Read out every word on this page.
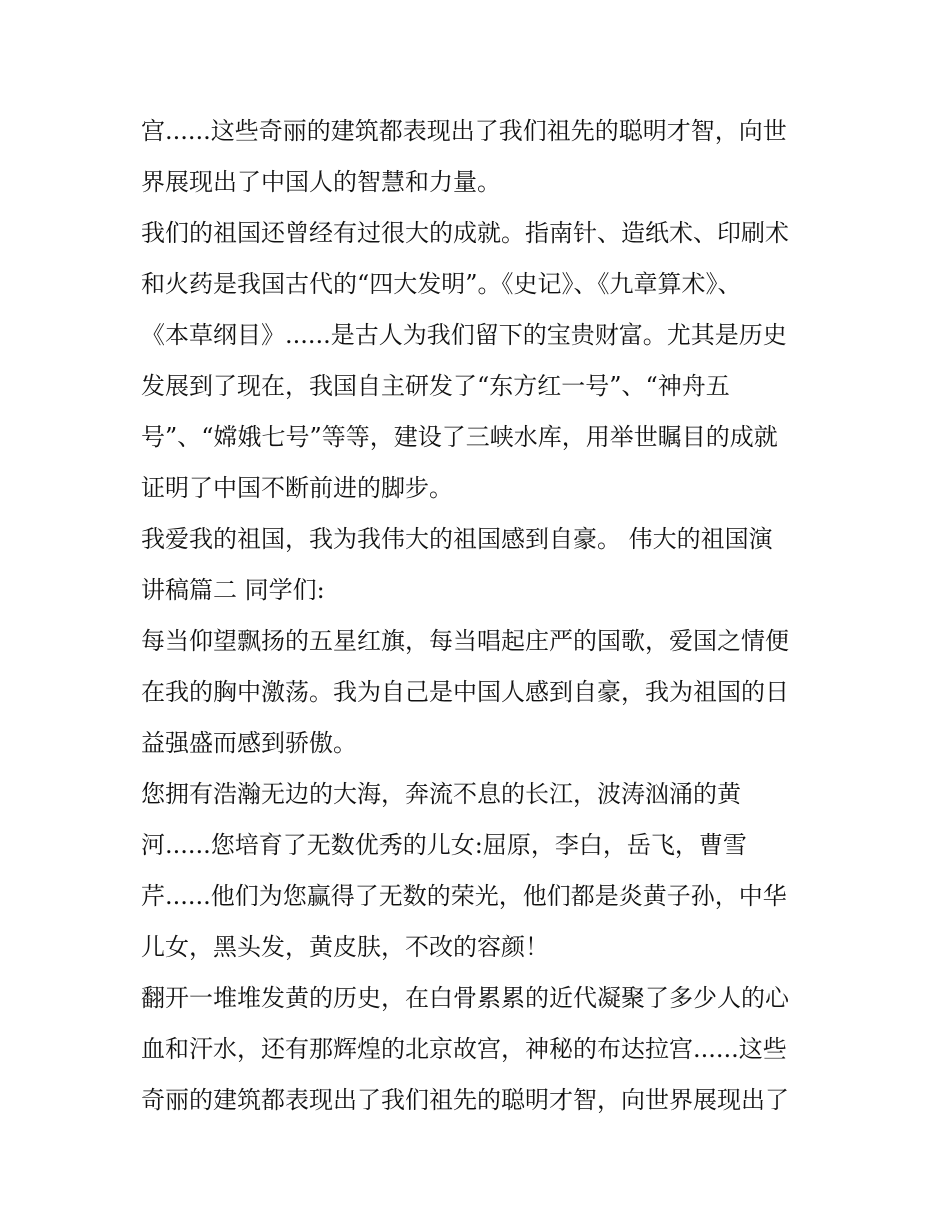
宫......这些奇丽的建筑都表现出了我们祖先的聪明才智，向世
界展现出了中国人的智慧和力量。
我们的祖国还曾经有过很大的成就。指南针、造纸术、印刷术
和火药是我国古代的“四大发明”。《史记》、《九章算术》、
《本草纲目》......是古人为我们留下的宝贵财富。尤其是历史
发展到了现在，我国自主研发了“东方红一号”、“神舟五
号”、“嫦娥七号”等等，建设了三峡水库，用举世瞩目的成就
证明了中国不断前进的脚步。
我爱我的祖国，我为我伟大的祖国感到自豪。 伟大的祖国演
讲稿篇二 同学们:
每当仰望飘扬的五星红旗，每当唱起庄严的国歌，爱国之情便
在我的胸中激荡。我为自己是中国人感到自豪，我为祖国的日
益强盛而感到骄傲。
您拥有浩瀚无边的大海，奔流不息的长江，波涛汹涌的黄
河......您培育了无数优秀的儿女:屈原，李白，岳飞，曹雪
芹......他们为您赢得了无数的荣光，他们都是炎黄子孙，中华
儿女，黑头发，黄皮肤，不改的容颜！
翻开一堆堆发黄的历史，在白骨累累的近代凝聚了多少人的心
血和汗水，还有那辉煌的北京故宫，神秘的布达拉宫......这些
奇丽的建筑都表现出了我们祖先的聪明才智，向世界展现出了
